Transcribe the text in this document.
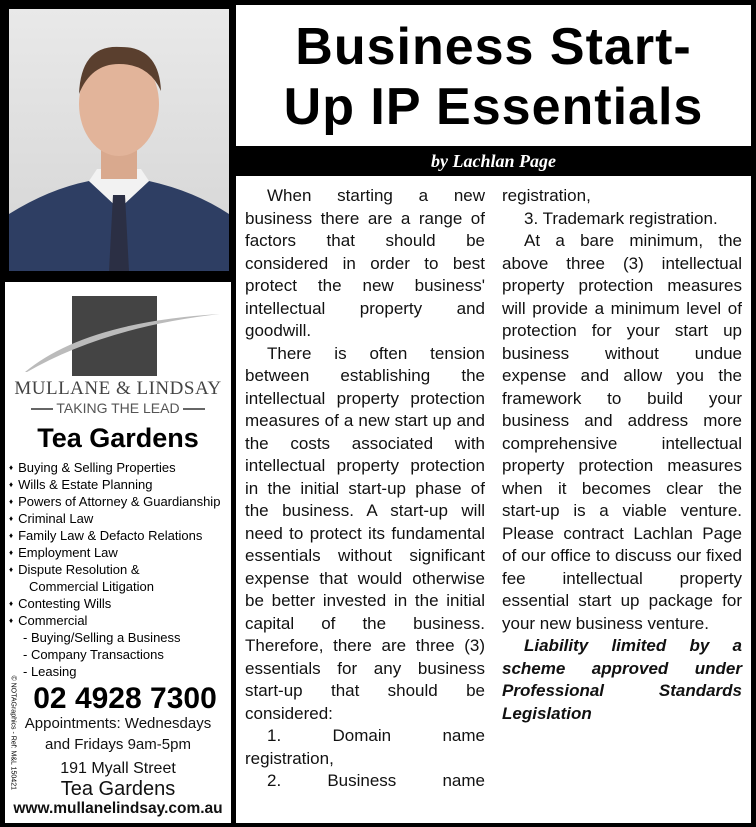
MULLANE & LINDSAY
TAKING THE LEAD
Tea Gardens
♦ Buying & Selling Properties
♦ Wills & Estate Planning
♦ Powers of Attorney & Guardianship
♦ Criminal Law
♦ Family Law & Defacto Relations
♦ Employment Law
♦ Dispute Resolution &
Commercial Litigation
♦ Contesting Wills
♦ Commercial
- Buying/Selling a Business
- Company Transactions
- Leasing
© NOTAGraphics - Ref: M&L 150421 02 4928 7300
Appointments: Wednesdays
and Fridays 9am-5pm
191 Myall Street
Tea Gardens
www.mullanelindsay.com.au
Business Start-
Up IP Essentials
by Lachlan Page

When starting a new business there are a range of factors that should be considered in order to best protect the new business' intellectual property and goodwill.

There is often tension between establishing the intellectual property protection measures of a new start up and the costs associated with intellectual property protection in the initial start-up phase of the business. A start-up will need to protect its fundamental essentials without significant expense that would otherwise be better invested in the initial capital of the business. Therefore, there are three (3) essentials for any business start-up that should be considered:

1. Domain name registration,

2. Business name

registration,

3. Trademark registration.

At a bare minimum, the above three (3) intellectual property protection measures will provide a minimum level of protection for your start up business without undue expense and allow you the framework to build your business and address more comprehensive intellectual property protection measures when it becomes clear the start-up is a viable venture. Please contract Lachlan Page of our office to discuss our fixed fee intellectual property essential start up package for your new business venture.

Liability limited by a scheme approved under Professional Standards Legislation
